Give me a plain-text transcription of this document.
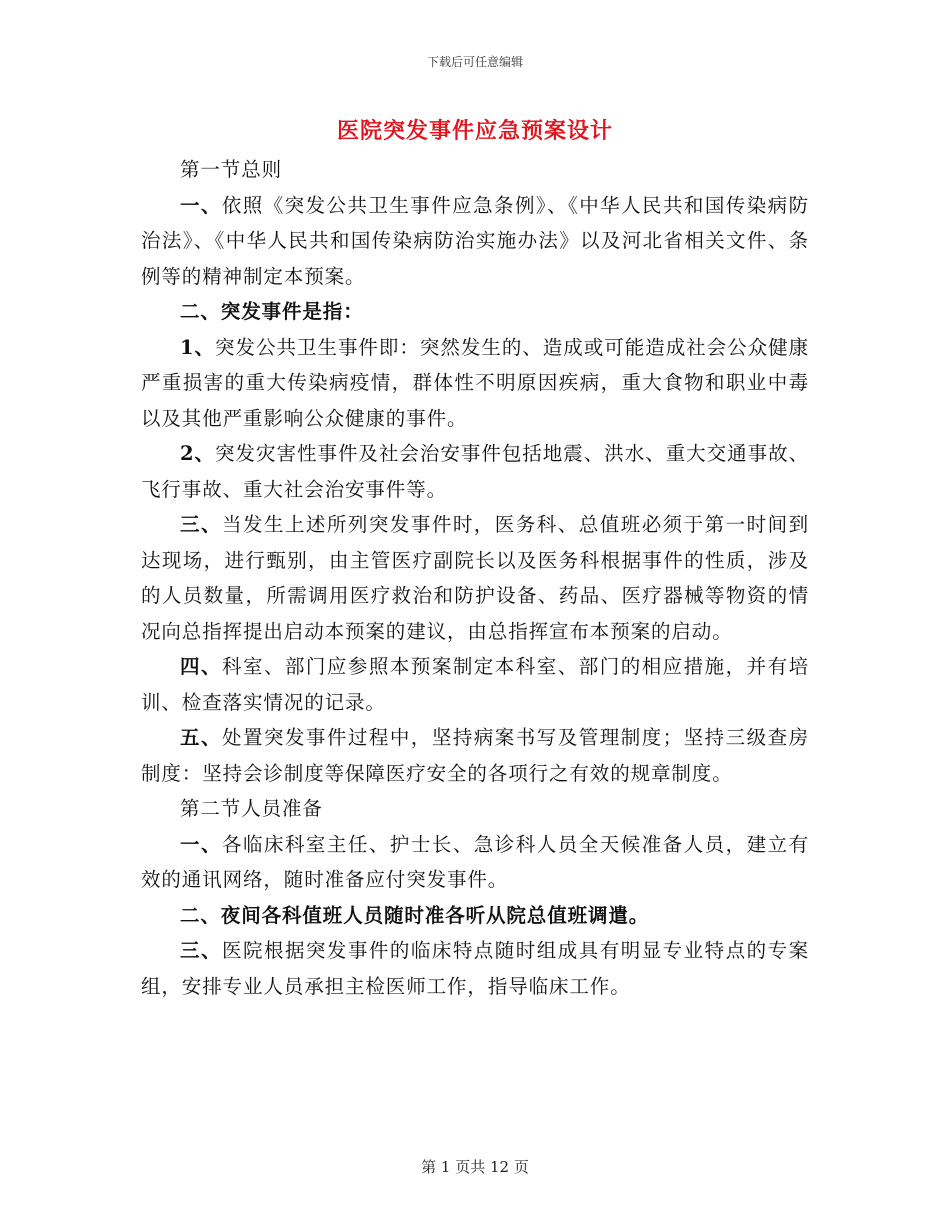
下载后可任意编辑
医院突发事件应急预案设计

第一节总则

一、依照《突发公共卫生事件应急条例》、《中华人民共和国传染病防治法》、《中华人民共和国传染病防治实施办法》以及河北省相关文件、条例等的精神制定本预案。

二、突发事件是指：

1、突发公共卫生事件即：突然发生的、造成或可能造成社会公众健康严重损害的重大传染病疫情，群体性不明原因疾病，重大食物和职业中毒以及其他严重影响公众健康的事件。

2、突发灾害性事件及社会治安事件包括地震、洪水、重大交通事故、飞行事故、重大社会治安事件等。

三、当发生上述所列突发事件时，医务科、总值班必须于第一时间到达现场，进行甄别，由主管医疗副院长以及医务科根据事件的性质，涉及的人员数量，所需调用医疗救治和防护设备、药品、医疗器械等物资的情况向总指挥提出启动本预案的建议，由总指挥宣布本预案的启动。

四、科室、部门应参照本预案制定本科室、部门的相应措施，并有培训、检查落实情况的记录。

五、处置突发事件过程中，坚持病案书写及管理制度；坚持三级查房制度：坚持会诊制度等保障医疗安全的各项行之有效的规章制度。

第二节人员准备

一、各临床科室主任、护士长、急诊科人员全天候准备人员，建立有效的通讯网络，随时准备应付突发事件。

二、夜间各科值班人员随时准各听从院总值班调遣。

三、医院根据突发事件的临床特点随时组成具有明显专业特点的专案组，安排专业人员承担主检医师工作，指导临床工作。

第 1 页共 12 页
